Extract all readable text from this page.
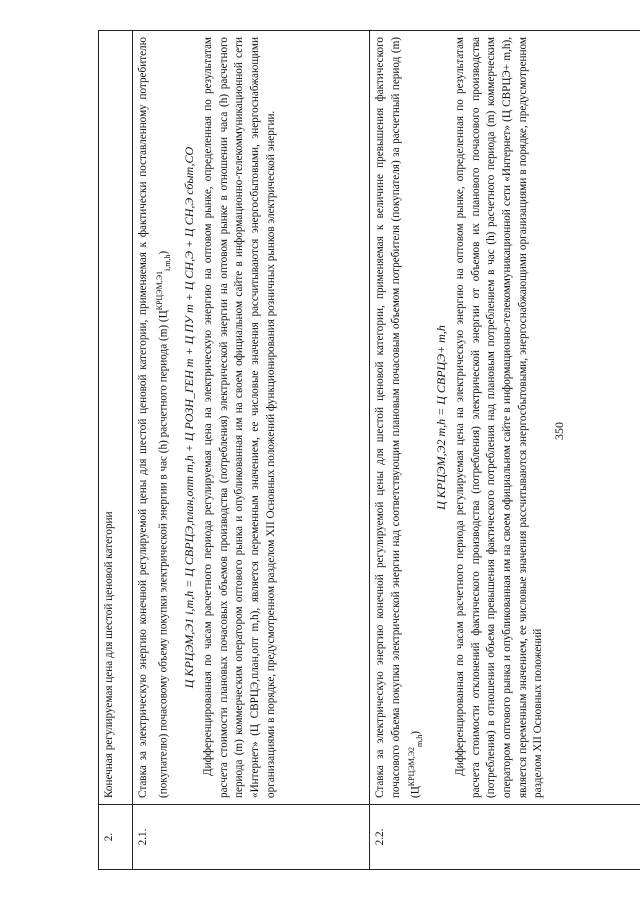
350
2.	Конечная регулируемая цена для шестой ценовой категории
2.1.	Ставка за электрическую энергию конечной регулируемой цены для шестой ценовой категории, применяемая к фактически поставленному потребителю (покупателю) почасовому объему покупки электрической энергии в час (h) расчетного периода (m) $(Ц^{КРЦЭМ,Э1}_{i,m,h})$ Ц КРЦЭМ,Э1 i,m,h = Ц СВРЦЭ,план,опт m,h + Ц РОЗН_ГЕН m + Ц ПУ m + Ц СН,Э + Ц СН,Э сбыт,СО Дифференцированная по часам расчетного периода регулируемая цена на электрическую энергию на оптовом рынке, определенная по результатам расчета стоимости плановых почасовых объемов производства (потребления) электрической энергии на оптовом рынке в отношении часа (h) расчетного периода (m) коммерческим оператором оптового рынка и опубликованная им на своем официальном сайте в информационно-телекоммуникационной сети «Интернет» (Ц СВРЦЭ,план,опт m,h), является переменным значением, ее числовые значения рассчитываются энергосбытовыми, энергоснабжающими организациями в порядке, предусмотренном разделом XII Основных положений функционирования розничных рынков электрической энергии.

2.2.	Ставка за электрическую энергию конечной регулируемой цены для шестой ценовой категории, применяемая к величине превышения фактического почасового объема покупки электрической энергии над соответствующим плановым почасовым объемом потребителя (покупателя) за расчетный период (m) $(Ц^{КРЦЭМ,Э2}_{m,h})$

Ц КРЦЭМ,Э2 m,h = Ц СВРЦЭ+ m,h Дифференцированная по часам расчетного периода регулируемая цена на электрическую энергию на оптовом рынке, определенная по результатам расчета стоимости отклонений фактического производства (потребления) электрической энергии от объемов их планового почасового производства (потребления) в отношении объема превышения фактического потребления над плановым потреблением в час (h) расчетного периода (m) коммерческим оператором оптового рынка и опубликованная им на своем официальном сайте в информационно-телекоммуникационной сети «Интернет» (Ц СВРЦЭ+ m,h), является переменным значением, ее числовые значения рассчитываются энергосбытовыми, энергоснабжающими организациями в порядке, предусмотренном разделом XII Основных положений
